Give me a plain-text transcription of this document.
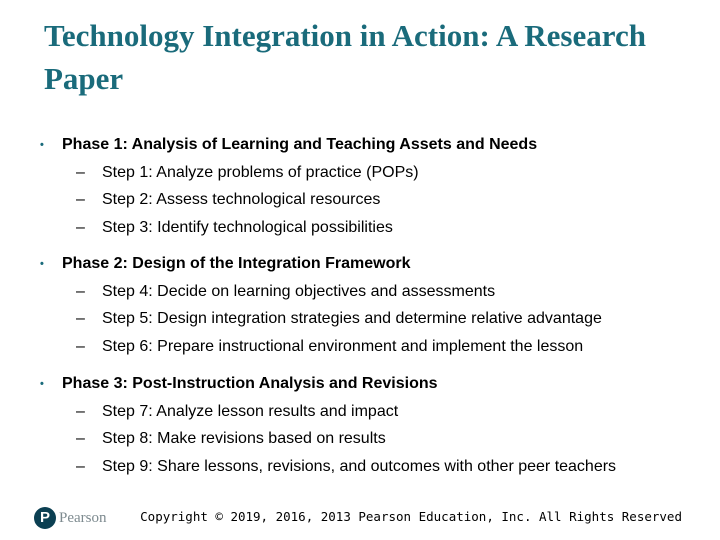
Technology Integration in Action: A Research Paper
• Phase 1: Analysis of Learning and Teaching Assets and Needs
– Step 1: Analyze problems of practice (POPs)
– Step 2: Assess technological resources
– Step 3: Identify technological possibilities
• Phase 2: Design of the Integration Framework
– Step 4: Decide on learning objectives and assessments
– Step 5: Design integration strategies and determine relative advantage
– Step 6: Prepare instructional environment and implement the lesson
• Phase 3: Post-Instruction Analysis and Revisions
– Step 7: Analyze lesson results and impact
– Step 8: Make revisions based on results
– Step 9: Share lessons, revisions, and outcomes with other peer teachers
P Pearson	Copyright © 2019, 2016, 2013 Pearson Education, Inc. All Rights Reserved
